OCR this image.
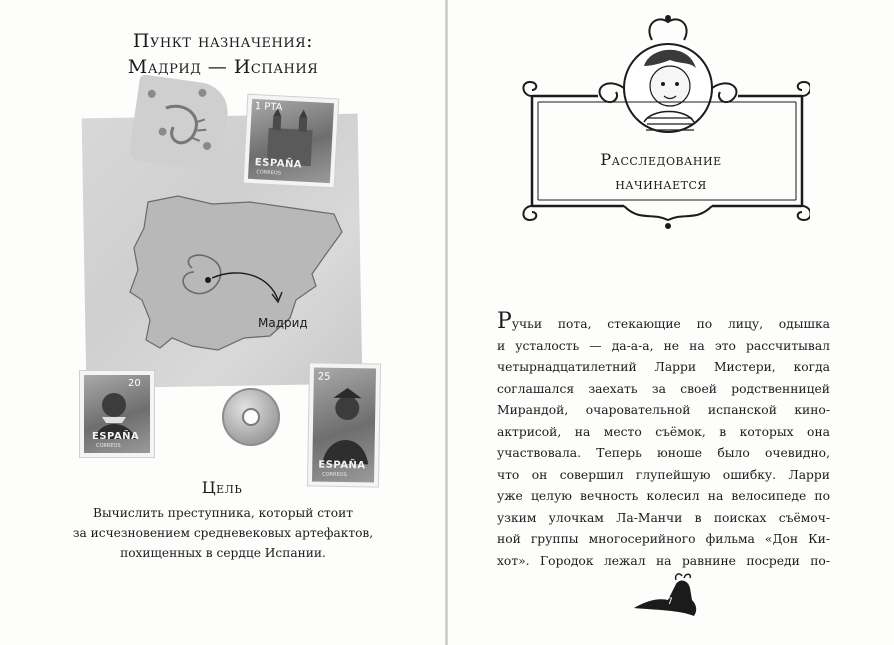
Пункт назначения:
Мадрид — Испания
Мадрид
1 PTA
ESPAÑA
CORREOS
20
ESPAÑA
CORREOS
25
ESPAÑA
CORREOS
Цель
Вычислить преступника, который стоит
за исчезновением средневековых артефактов,
похищенных в сердце Испании.
Расследование
начинается
Ручьи пота, стекающие по лицу, одышка
и усталость — да-а-а, не на это рассчитывал
четырнадцатилетний Ларри Мистери, когда
соглашался заехать за своей родственницей
Мирандой, очаровательной испанской кино-
актрисой, на место съёмок, в которых она
участвовала. Теперь юноше было очевидно,
что он совершил глупейшую ошибку. Ларри
уже целую вечность колесил на велосипеде по
узким улочкам Ла-Манчи в поисках съёмоч-
ной группы многосерийного фильма «Дон Ки-
хот». Городок лежал на равнине посреди по-
7
